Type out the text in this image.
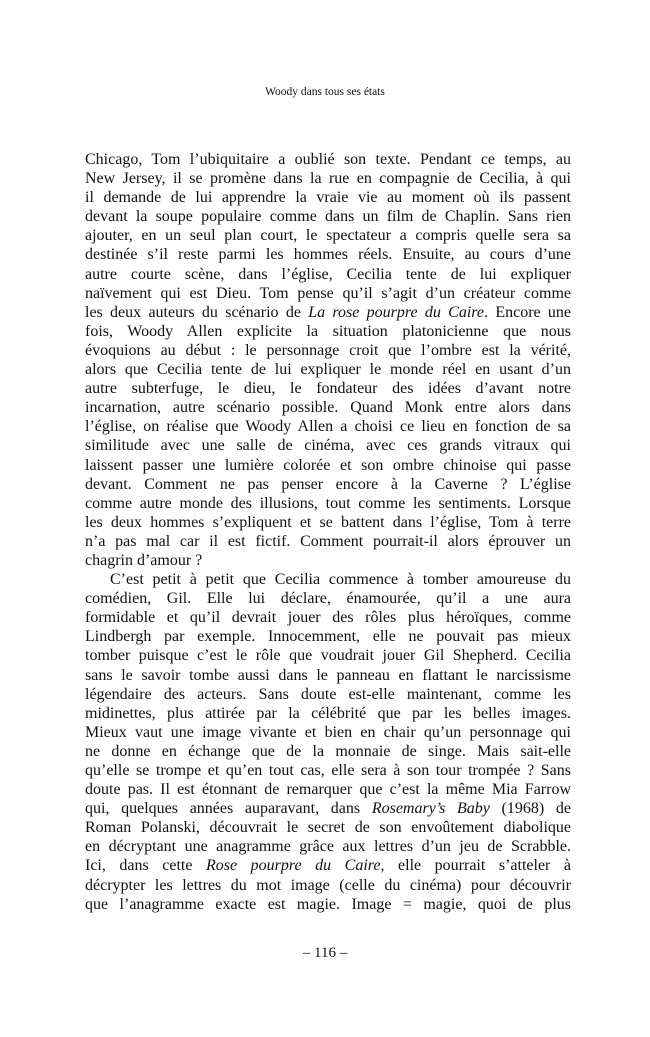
Woody dans tous ses états
Chicago, Tom l’ubiquitaire a oublié son texte. Pendant ce temps, au
New Jersey, il se promène dans la rue en compagnie de Cecilia, à qui
il demande de lui apprendre la vraie vie au moment où ils passent
devant la soupe populaire comme dans un film de Chaplin. Sans rien
ajouter, en un seul plan court, le spectateur a compris quelle sera sa
destinée s’il reste parmi les hommes réels. Ensuite, au cours d’une
autre courte scène, dans l’église, Cecilia tente de lui expliquer
naïvement qui est Dieu. Tom pense qu’il s’agit d’un créateur comme
les deux auteurs du scénario de La rose pourpre du Caire. Encore une
fois, Woody Allen explicite la situation platonicienne que nous
évoquions au début : le personnage croit que l’ombre est la vérité,
alors que Cecilia tente de lui expliquer le monde réel en usant d’un
autre subterfuge, le dieu, le fondateur des idées d’avant notre
incarnation, autre scénario possible. Quand Monk entre alors dans
l’église, on réalise que Woody Allen a choisi ce lieu en fonction de sa
similitude avec une salle de cinéma, avec ces grands vitraux qui
laissent passer une lumière colorée et son ombre chinoise qui passe
devant. Comment ne pas penser encore à la Caverne ? L’église
comme autre monde des illusions, tout comme les sentiments. Lorsque
les deux hommes s’expliquent et se battent dans l’église, Tom à terre
n’a pas mal car il est fictif. Comment pourrait-il alors éprouver un
chagrin d’amour ?
C’est petit à petit que Cecilia commence à tomber amoureuse du
comédien, Gil. Elle lui déclare, énamourée, qu’il a une aura
formidable et qu’il devrait jouer des rôles plus héroïques, comme
Lindbergh par exemple. Innocemment, elle ne pouvait pas mieux
tomber puisque c’est le rôle que voudrait jouer Gil Shepherd. Cecilia
sans le savoir tombe aussi dans le panneau en flattant le narcissisme
légendaire des acteurs. Sans doute est-elle maintenant, comme les
midinettes, plus attirée par la célébrité que par les belles images.
Mieux vaut une image vivante et bien en chair qu’un personnage qui
ne donne en échange que de la monnaie de singe. Mais sait-elle
qu’elle se trompe et qu’en tout cas, elle sera à son tour trompée ? Sans
doute pas. Il est étonnant de remarquer que c’est la même Mia Farrow
qui, quelques années auparavant, dans Rosemary’s Baby (1968) de
Roman Polanski, découvrait le secret de son envoûtement diabolique
en décryptant une anagramme grâce aux lettres d’un jeu de Scrabble.
Ici, dans cette Rose pourpre du Caire, elle pourrait s’atteler à
décrypter les lettres du mot image (celle du cinéma) pour découvrir
que l’anagramme exacte est magie. Image = magie, quoi de plus
– 116 –
